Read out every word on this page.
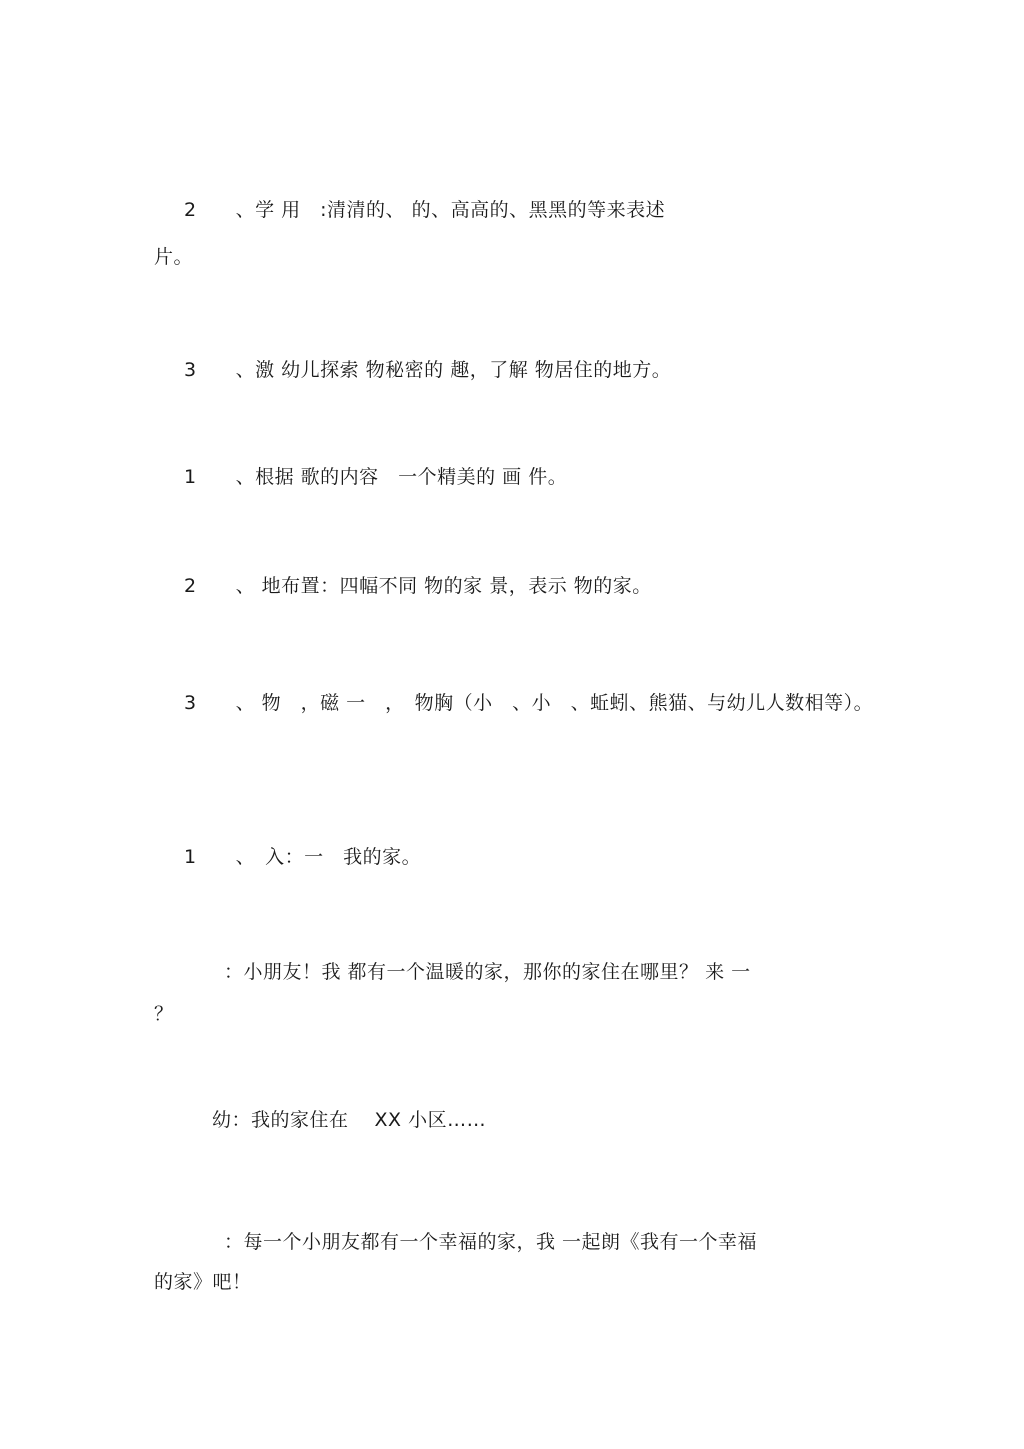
2　　、学 用　:清清的、 的、高高的、黑黑的等来表述
片。
3　　、激 幼儿探索 物秘密的 趣，了解 物居住的地方。
1　　、根据 歌的内容　一个精美的 画 件。
2　　、 地布置：四幅不同 物的家 景，表示 物的家。
3　　、 物　，磁 一　，　物胸（小　、小　、蚯蚓、熊猫、与幼儿人数相等）。
1　　、　入：一　我的家。
：小朋友！我 都有一个温暖的家，那你的家住在哪里？ 来 一
？
幼：我的家住在　 XX 小区……
：每一个小朋友都有一个幸福的家，我 一起朗《我有一个幸福
的家》吧！
